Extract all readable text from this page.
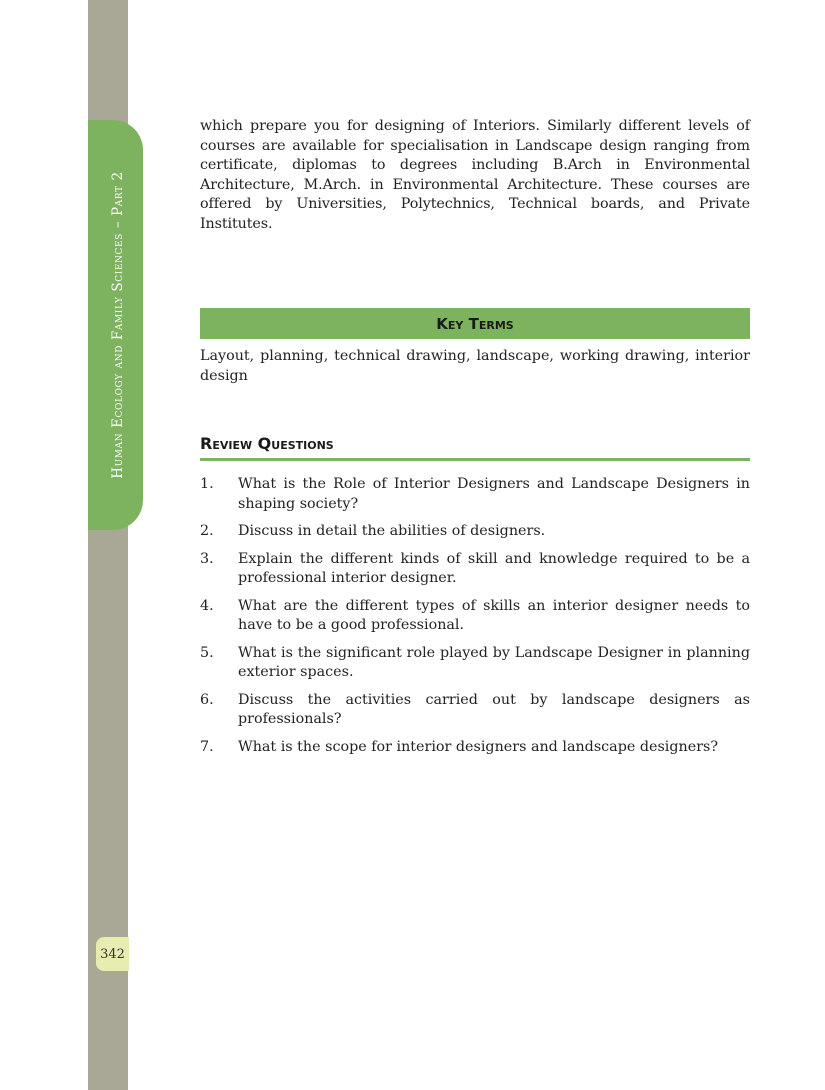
Human Ecology and Family Sciences – Part 2
342

which prepare you for designing of Interiors. Similarly different levels of courses are available for specialisation in Landscape design ranging from certificate, diplomas to degrees including B.Arch in Environmental Architecture, M.Arch. in Environmental Architecture. These courses are offered by Universities, Polytechnics, Technical boards, and Private Institutes.

Key Terms

Layout, planning, technical drawing, landscape, working drawing, interior design

Review Questions
1.	What is the Role of Interior Designers and Landscape Designers in shaping society?
2.	Discuss in detail the abilities of designers.
3.	Explain the different kinds of skill and knowledge required to be a professional interior designer.
4.	What are the different types of skills an interior designer needs to have to be a good professional.
5.	What is the significant role played by Landscape Designer in planning exterior spaces.
6.	Discuss the activities carried out by landscape designers as professionals?
7.	What is the scope for interior designers and landscape designers?
